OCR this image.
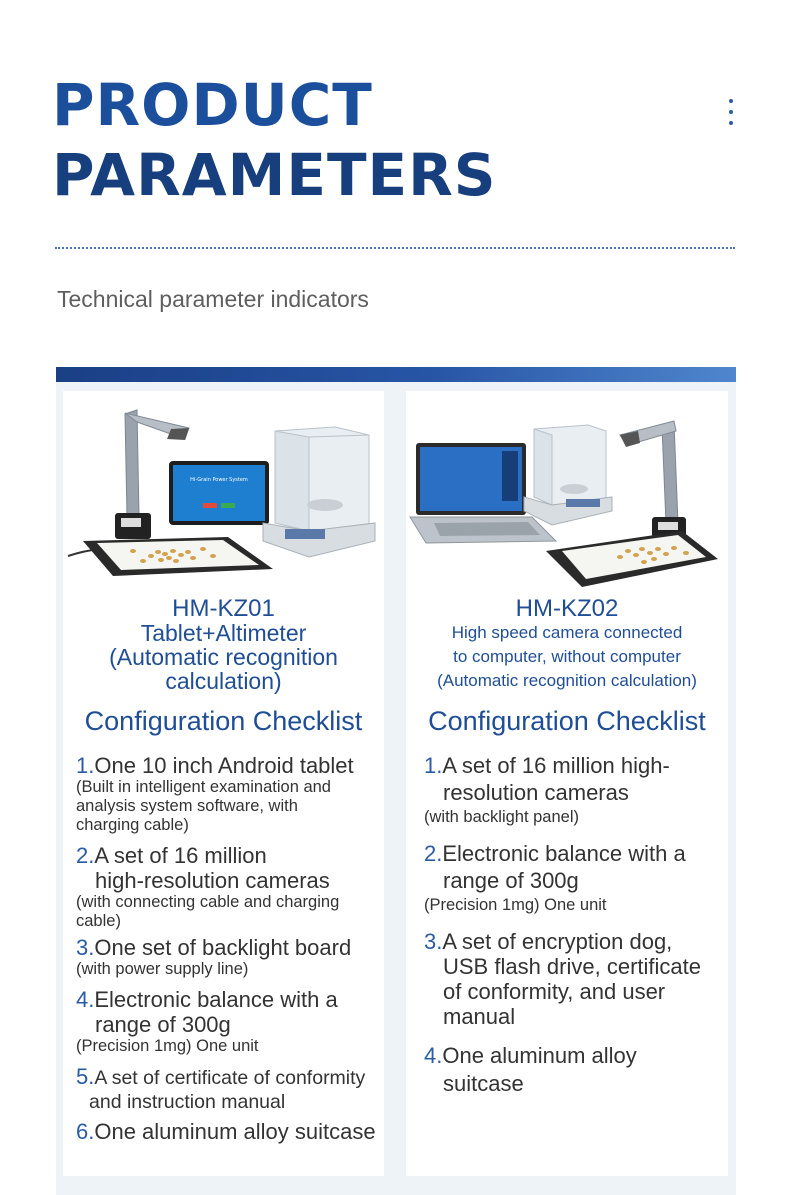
PRODUCT
PARAMETERS
Technical parameter indicators
Hi-Grain Power System
HM-KZ01
Tablet+Altimeter
(Automatic recognition
calculation)
Configuration Checklist
1.One 10 inch Android tablet
(Built in intelligent examination and
analysis system software, with
charging cable)
2.A set of 16 million
high-resolution cameras
(with connecting cable and charging
cable)
3.One set of backlight board
(with power supply line)
4.Electronic balance with a
range of 300g
(Precision 1mg) One unit
5.A set of certificate of conformity
and instruction manual
6.One aluminum alloy suitcase
HM-KZ02
High speed camera connected
to computer, without computer
(Automatic recognition calculation)
Configuration Checklist
1.A set of 16 million high-
resolution cameras
(with backlight panel)
2.Electronic balance with a
range of 300g
(Precision 1mg) One unit
3.A set of encryption dog,
USB flash drive, certificate
of conformity, and user
manual
4.One aluminum alloy
suitcase
